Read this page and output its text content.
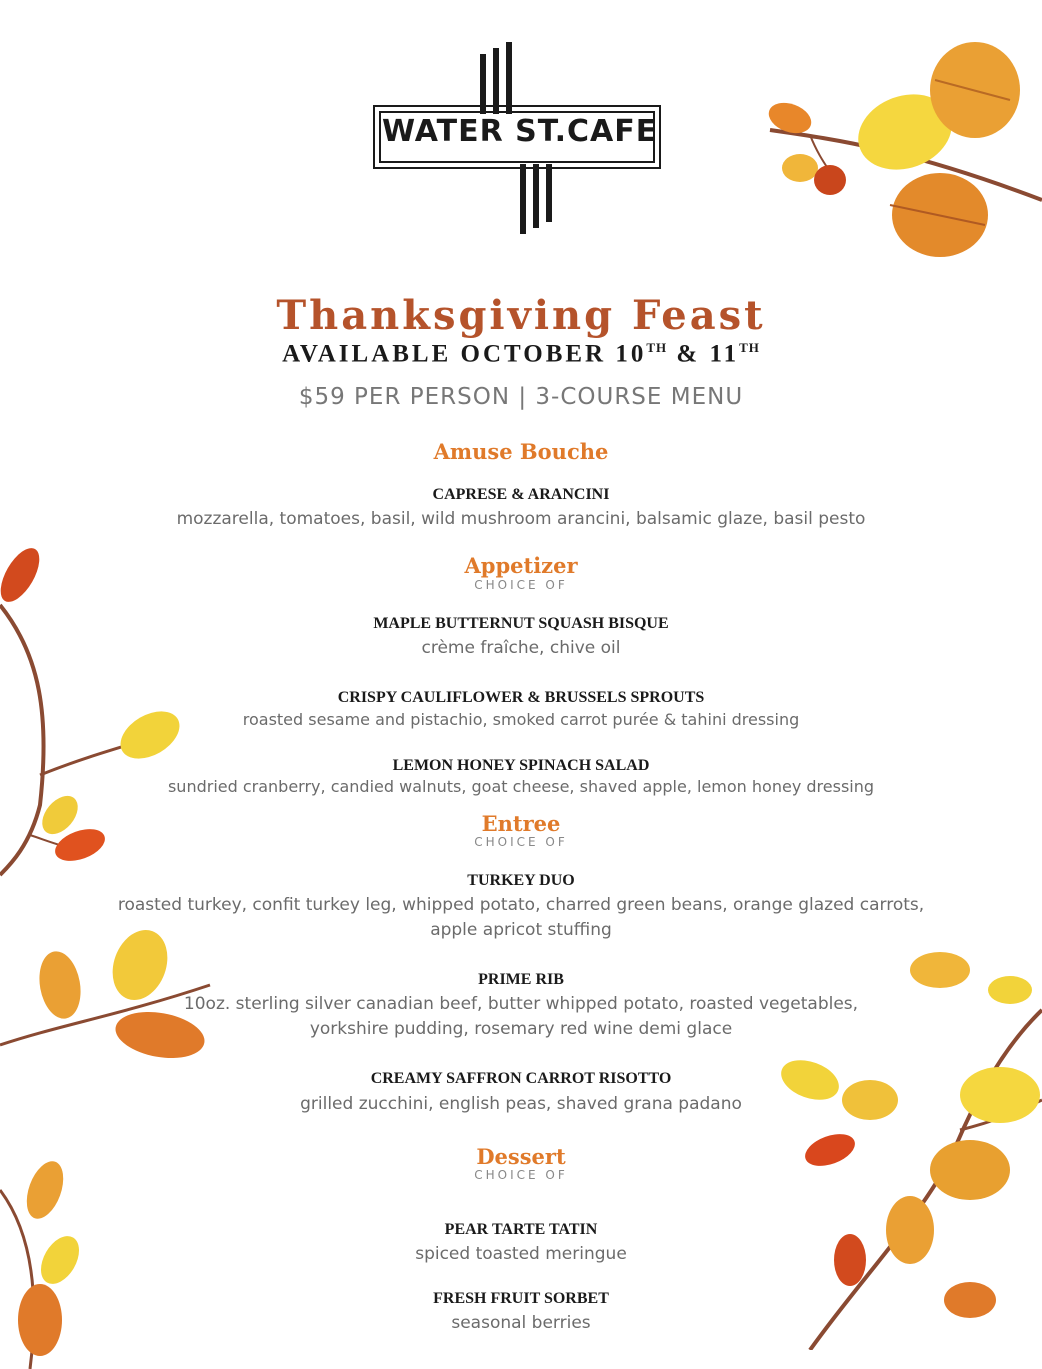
WATER ST.CAFE
Thanksgiving Feast
AVAILABLE OCTOBER 10TH & 11TH
$59 PER PERSON | 3-COURSE MENU
Amuse Bouche
CAPRESE & ARANCINI
mozzarella, tomatoes, basil, wild mushroom arancini, balsamic glaze, basil pesto
Appetizer
CHOICE OF
MAPLE BUTTERNUT SQUASH BISQUE
crème fraîche, chive oil
CRISPY CAULIFLOWER & BRUSSELS SPROUTS
roasted sesame and pistachio, smoked carrot purée & tahini dressing
LEMON HONEY SPINACH SALAD
sundried cranberry, candied walnuts, goat cheese, shaved apple, lemon honey dressing
Entree
CHOICE OF
TURKEY DUO
roasted turkey, confit turkey leg, whipped potato, charred green beans, orange glazed carrots,
apple apricot stuffing
PRIME RIB
10oz. sterling silver canadian beef, butter whipped potato, roasted vegetables,
yorkshire pudding, rosemary red wine demi glace
CREAMY SAFFRON CARROT RISOTTO
grilled zucchini, english peas, shaved grana padano
Dessert
CHOICE OF
PEAR TARTE TATIN
spiced toasted meringue
FRESH FRUIT SORBET
seasonal berries
